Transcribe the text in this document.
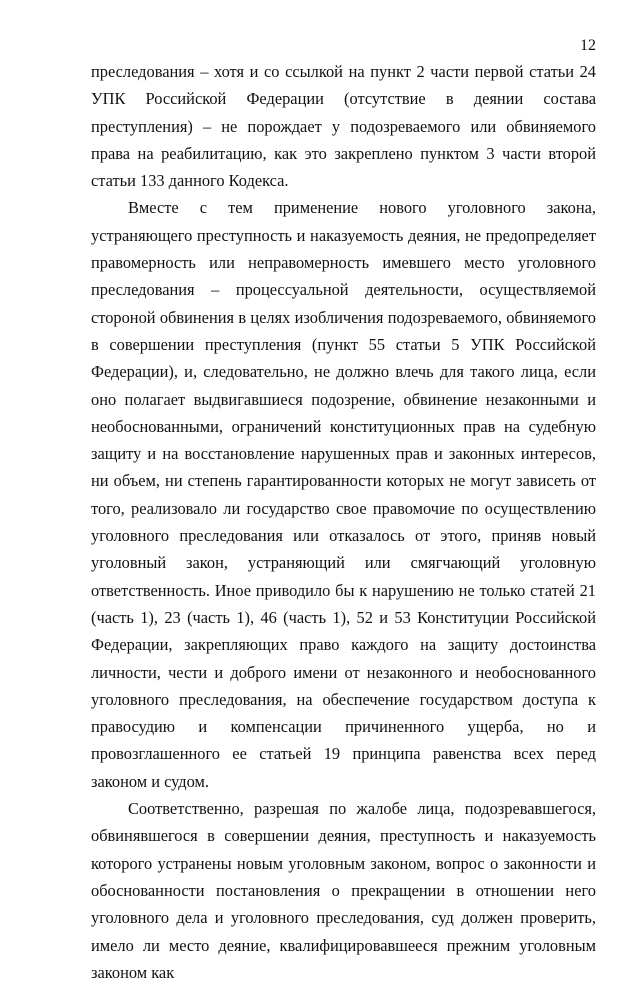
12

преследования – хотя и со ссылкой на пункт 2 части первой статьи 24 УПК Российской Федерации (отсутствие в деянии состава преступления) – не порождает у подозреваемого или обвиняемого права на реабилитацию, как это закреплено пунктом 3 части второй статьи 133 данного Кодекса.

Вместе с тем применение нового уголовного закона, устраняющего преступность и наказуемость деяния, не предопределяет правомерность или неправомерность имевшего место уголовного преследования – процессуальной деятельности, осуществляемой стороной обвинения в целях изобличения подозреваемого, обвиняемого в совершении преступления (пункт 55 статьи 5 УПК Российской Федерации), и, следовательно, не должно влечь для такого лица, если оно полагает выдвигавшиеся подозрение, обвинение незаконными и необоснованными, ограничений конституционных прав на судебную защиту и на восстановление нарушенных прав и законных интересов, ни объем, ни степень гарантированности которых не могут зависеть от того, реализовало ли государство свое правомочие по осуществлению уголовного преследования или отказалось от этого, приняв новый уголовный закон, устраняющий или смягчающий уголовную ответственность. Иное приводило бы к нарушению не только статей 21 (часть 1), 23 (часть 1), 46 (часть 1), 52 и 53 Конституции Российской Федерации, закрепляющих право каждого на защиту достоинства личности, чести и доброго имени от незаконного и необоснованного уголовного преследования, на обеспечение государством доступа к правосудию и компенсации причиненного ущерба, но и провозглашенного ее статьей 19 принципа равенства всех перед законом и судом.

Соответственно, разрешая по жалобе лица, подозревавшегося, обвинявшегося в совершении деяния, преступность и наказуемость которого устранены новым уголовным законом, вопрос о законности и обоснованности постановления о прекращении в отношении него уголовного дела и уголовного преследования, суд должен проверить, имело ли место деяние, квалифицировавшееся прежним уголовным законом как
